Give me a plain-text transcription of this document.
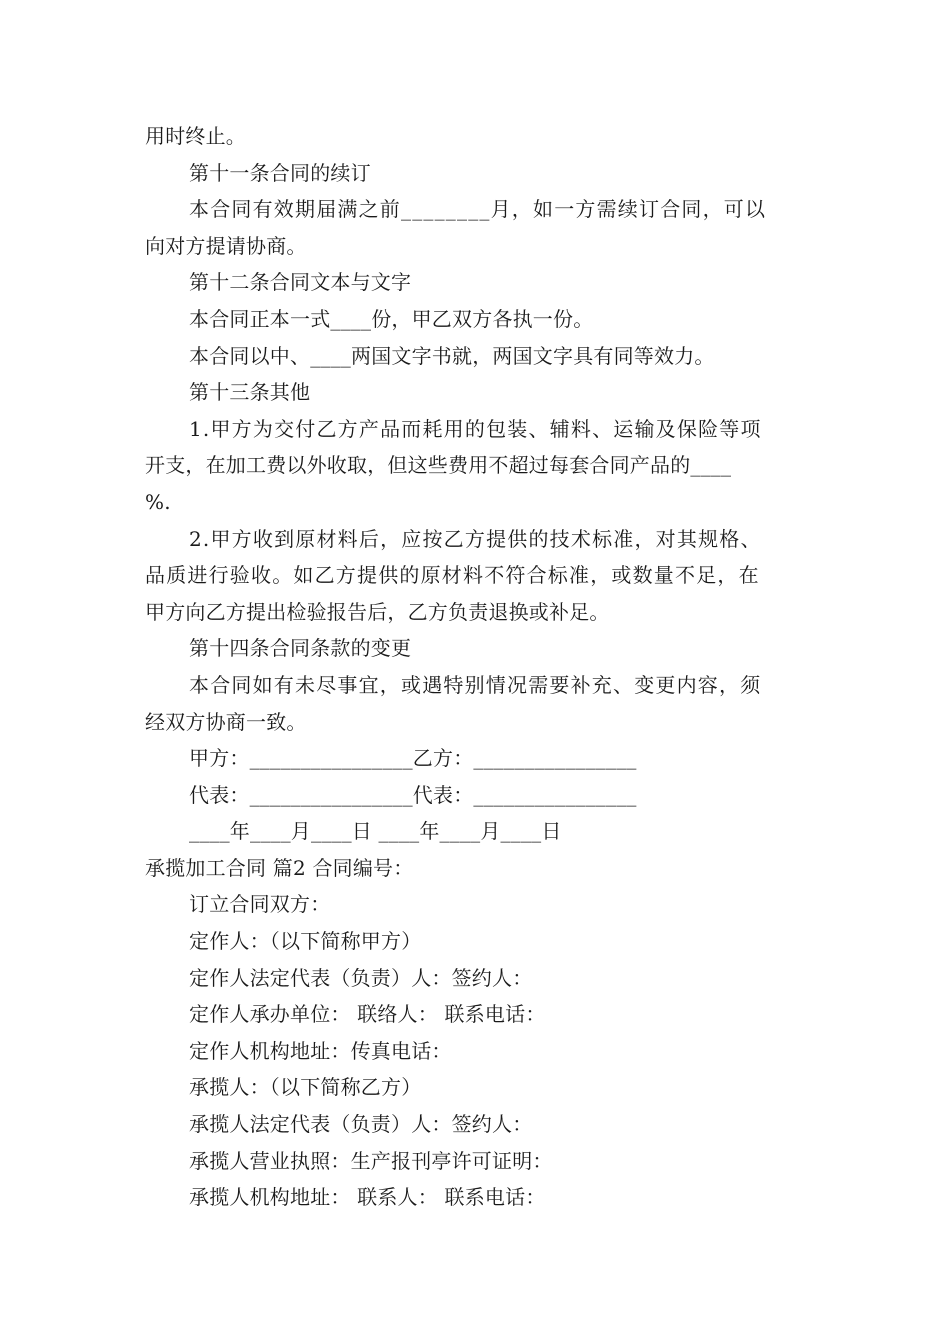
用时终止。
第十一条合同的续订
本合同有效期届满之前________月，如一方需续订合同，可以
向对方提请协商。
第十二条合同文本与文字
本合同正本一式____份，甲乙双方各执一份。
本合同以中、____两国文字书就，两国文字具有同等效力。
第十三条其他
1.甲方为交付乙方产品而耗用的包装、辅料、运输及保险等项
开支，在加工费以外收取，但这些费用不超过每套合同产品的____
%.
2.甲方收到原材料后，应按乙方提供的技术标准，对其规格、
品质进行验收。如乙方提供的原材料不符合标准，或数量不足，在
甲方向乙方提出检验报告后，乙方负责退换或补足。
第十四条合同条款的变更
本合同如有未尽事宜，或遇特别情况需要补充、变更内容，须
经双方协商一致。
甲方：________________乙方：________________
代表：________________代表：________________
____年____月____日 ____年____月____日
承揽加工合同 篇2 合同编号：
订立合同双方：
定作人：（以下简称甲方）
定作人法定代表（负责）人：签约人：
定作人承办单位： 联络人： 联系电话：
定作人机构地址：传真电话：
承揽人：（以下简称乙方）
承揽人法定代表（负责）人：签约人：
承揽人营业执照：生产报刊亭许可证明：
承揽人机构地址： 联系人： 联系电话：
